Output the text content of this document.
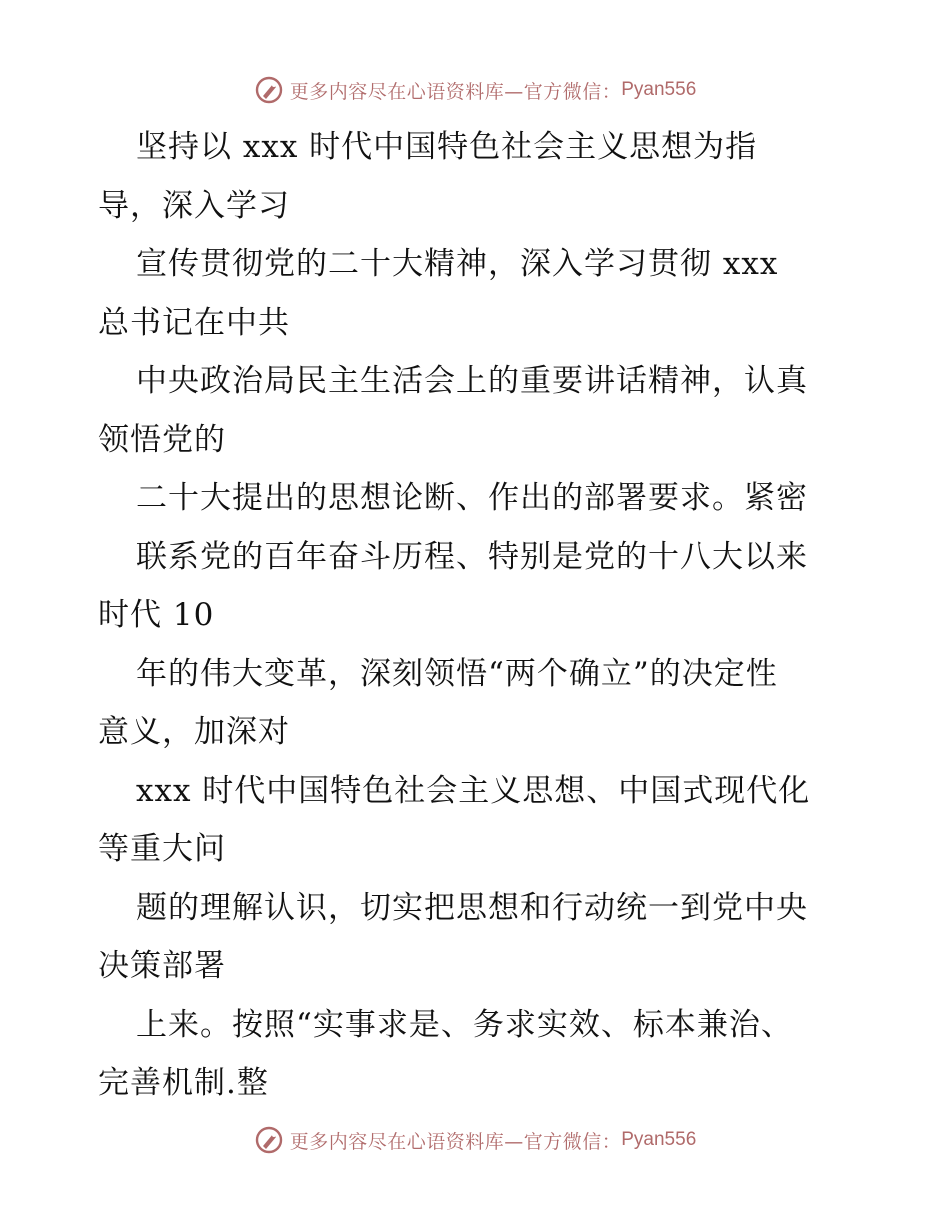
更多内容尽在心语资料库—官方微信： Pyan556
坚持以 xxx 时代中国特色社会主义思想为指
导，深入学习
宣传贯彻党的二十大精神，深入学习贯彻 xxx
总书记在中共
中央政治局民主生活会上的重要讲话精神，认真
领悟党的
二十大提出的思想论断、作出的部署要求。紧密
联系党的百年奋斗历程、特别是党的十八大以来
时代 10
年的伟大变革，深刻领悟“两个确立”的决定性
意义，加深对
xxx 时代中国特色社会主义思想、中国式现代化
等重大问
题的理解认识，切实把思想和行动统一到党中央
决策部署
上来。按照“实事求是、务求实效、标本兼治、
完善机制.整
更多内容尽在心语资料库—官方微信： Pyan556
